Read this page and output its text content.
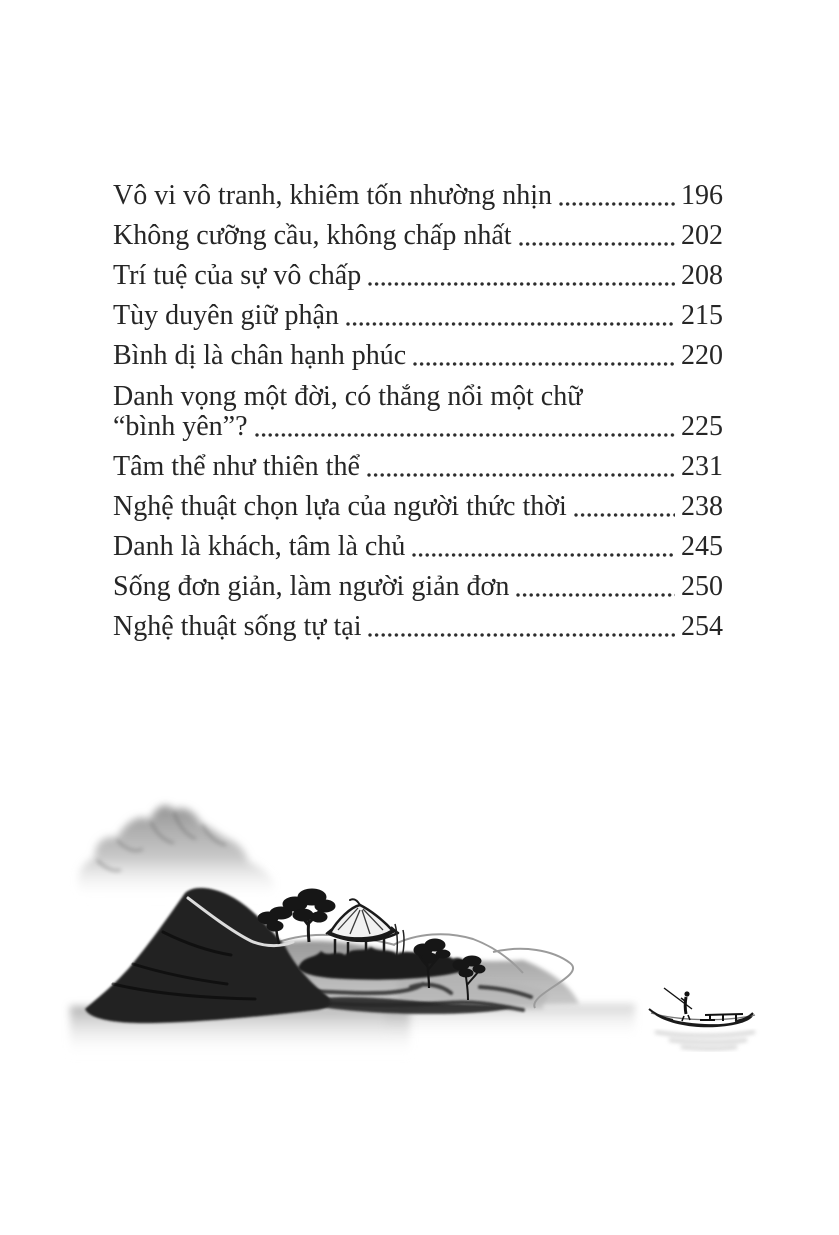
Vô vi vô tranh, khiêm tốn nhường nhịn	196
Không cưỡng cầu, không chấp nhất	202
Trí tuệ của sự vô chấp	208
Tùy duyên giữ phận	215
Bình dị là chân hạnh phúc	220
Danh vọng một đời, có thắng nổi một chữ
“bình yên”?	225
Tâm thể như thiên thể	231
Nghệ thuật chọn lựa của người thức thời	238
Danh là khách, tâm là chủ	245
Sống đơn giản, làm người giản đơn	250
Nghệ thuật sống tự tại	254
